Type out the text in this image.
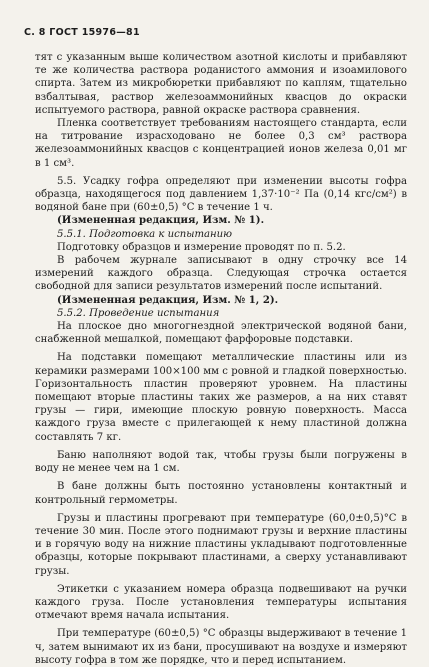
С. 8 ГОСТ 15976—81

тят с указанным выше количеством азотной кислоты и прибавляют те же количества раствора роданистого аммония и изоамилового спирта. Затем из микробюретки прибавляют по каплям, тщательно взбалтывая, раствор железоаммонийных квасцов до окраски испытуемого раствора, равной окраске раствора сравнения.

Пленка соответствует требованиям настоящего стандарта, если на титрование израсходовано не более 0,3 см³ раствора железоаммонийных квасцов с концентрацией ионов железа 0,01 мг в 1 см³.

5.5. Усадку гофра определяют при изменении высоты гофра образца, находящегося под давлением 1,37·10⁻² Па (0,14 кгс/см²) в водяной бане при (60±0,5) °С в течение 1 ч.

(Измененная редакция, Изм. № 1).

5.5.1. Подготовка к испытанию

Подготовку образцов и измерение проводят по п. 5.2.

В рабочем журнале записывают в одну строчку все 14 измерений каждого образца. Следующая строчка остается свободной для записи результатов измерений после испытаний.

(Измененная редакция, Изм. № 1, 2).

5.5.2. Проведение испытания

На плоское дно многогнездной электрической водяной бани, снабженной мешалкой, помещают фарфоровые подставки.

На подставки помещают металлические пластины или из керамики размерами 100×100 мм с ровной и гладкой поверхностью. Горизонтальность пластин проверяют уровнем. На пластины помещают вторые пластины таких же размеров, а на них ставят грузы — гири, имеющие плоскую ровную поверхность. Масса каждого груза вместе с прилегающей к нему пластиной должна составлять 7 кг.

Баню наполняют водой так, чтобы грузы были погружены в воду не менее чем на 1 см.

В бане должны быть постоянно установлены контактный и контрольный гермометры.

Грузы и пластины прогревают при температуре (60,0±0,5)°С в течение 30 мин. После этого поднимают грузы и верхние пластины и в горячую воду на нижние пластины укладывают подготовленные образцы, которые покрывают пластинами, а сверху устанавливают грузы.

Этикетки с указанием номера образца подвешивают на ручки каждого груза. После установления температуры испытания отмечают время начала испытания.

При температуре (60±0,5) °С образцы выдерживают в течение 1 ч, затем вынимают их из бани, просушивают на воздухе и измеряют высоту гофра в том же порядке, что и перед испытанием.
